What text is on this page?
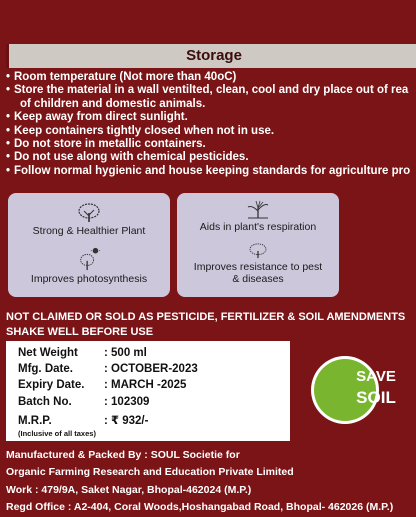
Storage
• Room temperature (Not more than 40oC)
• Store the material in a wall ventilted, clean, cool and dry place out of rea
of children and domestic animals.
• Keep away from direct sunlight.
• Keep containers tightly closed when not in use.
• Do not store in metallic containers.
• Do not use along with chemical pesticides.
• Follow normal hygienic and house keeping standards for agriculture pro
Strong & Healthier Plant
Improves photosynthesis
Aids in plant's respiration
Improves resistance to pest
& diseases
NOT CLAIMED OR SOLD AS PESTICIDE, FERTILIZER & SOIL AMENDMENTS
SHAKE WELL BEFORE USE
Net Weight : 500 ml
Mfg. Date.	: OCTOBER-2023
Expiry Date. : MARCH -2025
Batch No.	: 102309
M.R.P.	: ₹ 932/-
(Inclusive of all taxes)
SAVE
SOIL
Manufactured & Packed By : SOUL Societie for
Organic Farming Research and Education Private Limited
Work : 479/9A, Saket Nagar, Bhopal-462024 (M.P.)
Regd Office : A2-404, Coral Woods,Hoshangabad Road, Bhopal- 462026 (M.P.)
